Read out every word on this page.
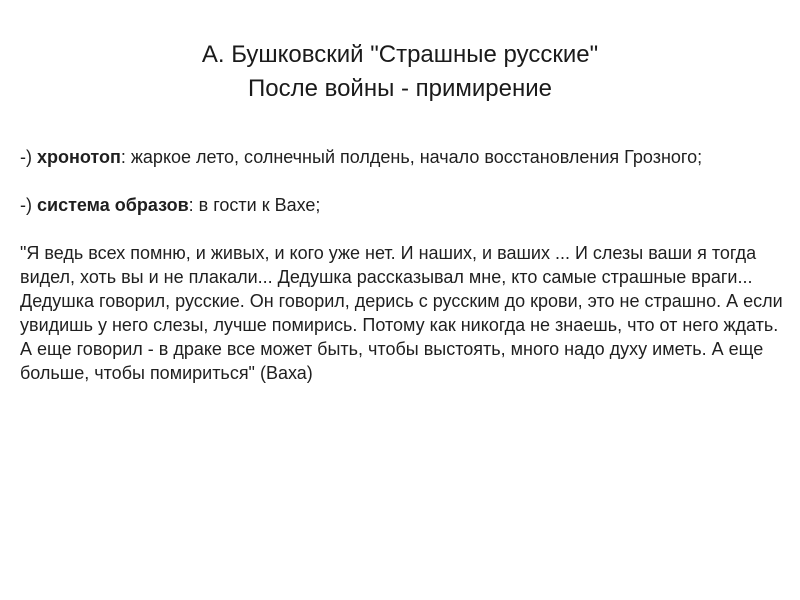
А. Бушковский "Страшные русские"
После войны - примирение

-) хронотоп: жаркое лето, солнечный полдень, начало восстановления Грозного;

-) система образов: в гости к Вахе;

"Я ведь всех помню, и живых, и кого уже нет. И наших, и ваших ... И слезы ваши я тогда видел, хоть вы и не плакали... Дедушка рассказывал мне, кто самые страшные враги... Дедушка говорил, русские. Он говорил, дерись с русским до крови, это не страшно. А если увидишь у него слезы, лучше помирись. Потому как никогда не знаешь, что от него ждать. А еще говорил - в драке все может быть, чтобы выстоять, много надо духу иметь. А еще больше, чтобы помириться" (Ваха)
